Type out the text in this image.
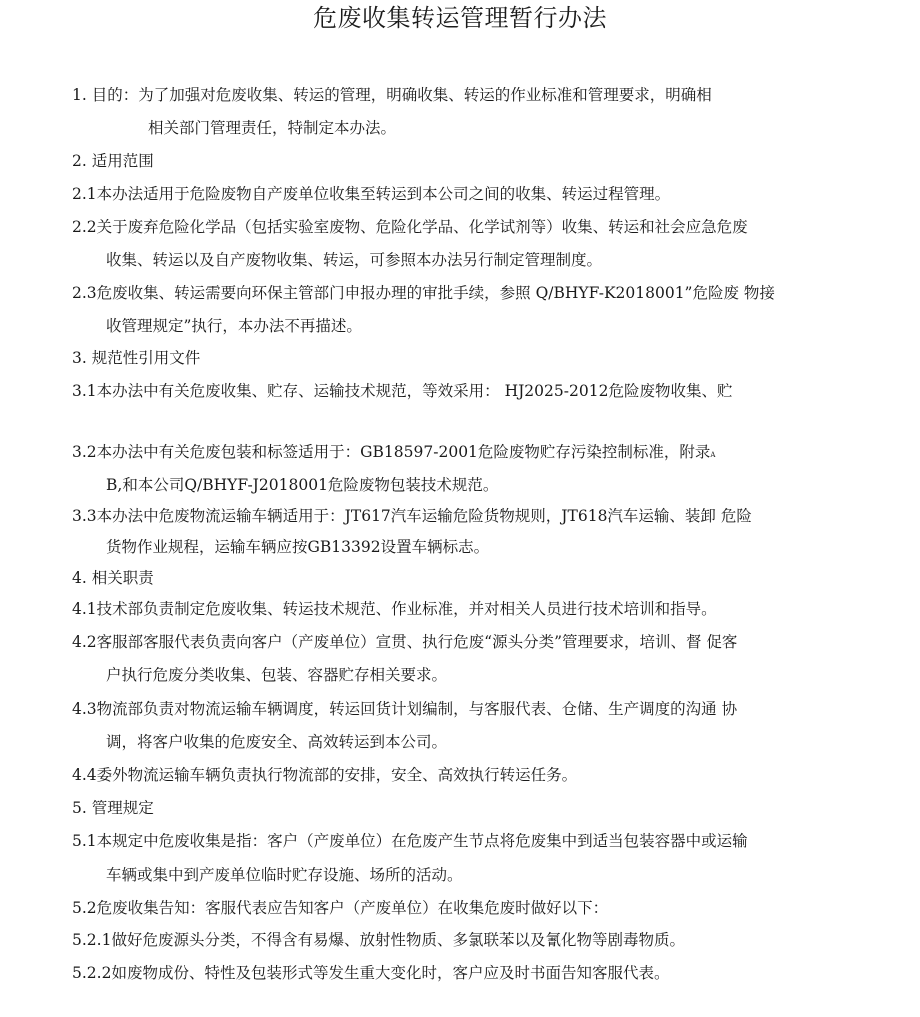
危废收集转运管理暂行办法
1. 目的：为了加强对危废收集、转运的管理，明确收集、转运的作业标准和管理要求，明确相
相关部门管理责任，特制定本办法。
2. 适用范围
2.1本办法适用于危险废物自产废单位收集至转运到本公司之间的收集、转运过程管理。
2.2关于废弃危险化学品（包括实验室废物、危险化学品、化学试剂等）收集、转运和社会应急危废
收集、转运以及自产废物收集、转运，可参照本办法另行制定管理制度。
2.3危废收集、转运需要向环保主管部门申报办理的审批手续，参照 Q/BHYF-K2018001”危险废 物接
收管理规定”执行，本办法不再描述。
3. 规范性引用文件
3.1本办法中有关危废收集、贮存、运输技术规范，等效采用： HJ2025-2012危险废物收集、贮
3.2本办法中有关危废包装和标签适用于：GB18597-2001危险废物贮存污染控制标准，附录A
B,和本公司Q/BHYF-J2018001危险废物包装技术规范。
3.3本办法中危废物流运输车辆适用于：JT617汽车运输危险货物规则，JT618汽车运输、装卸 危险
货物作业规程，运输车辆应按GB13392设置车辆标志。
4. 相关职责
4.1技术部负责制定危废收集、转运技术规范、作业标准，并对相关人员进行技术培训和指导。
4.2客服部客服代表负责向客户（产废单位）宣贯、执行危废“源头分类”管理要求，培训、督 促客
户执行危废分类收集、包装、容器贮存相关要求。
4.3物流部负责对物流运输车辆调度，转运回货计划编制，与客服代表、仓储、生产调度的沟通 协
调，将客户收集的危废安全、高效转运到本公司。
4.4委外物流运输车辆负责执行物流部的安排，安全、高效执行转运任务。
5. 管理规定
5.1本规定中危废收集是指：客户（产废单位）在危废产生节点将危废集中到适当包装容器中或运输
车辆或集中到产废单位临时贮存设施、场所的活动。
5.2危废收集告知：客服代表应告知客户（产废单位）在收集危废时做好以下：
5.2.1做好危废源头分类，不得含有易爆、放射性物质、多氯联苯以及氰化物等剧毒物质。
5.2.2如废物成份、特性及包装形式等发生重大变化时，客户应及时书面告知客服代表。
